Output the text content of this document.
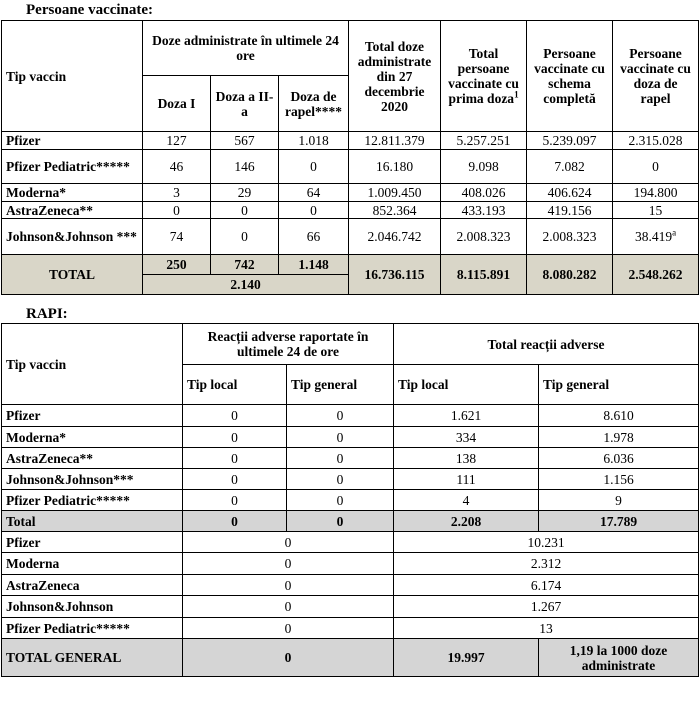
Persoane vaccinate:
Tip vaccin	Doze administrate în ultimele 24 ore			Total doze administrate din 27 decembrie 2020	Total persoane vaccinate cu prima doza$^1$	Persoane vaccinate cu schema completă	Persoane vaccinate cu doza de rapel
	Doza I	Doza a II-a	Doza de rapel****				
Pfizer	127	567	1.018	12.811.379	5.257.251	5.239.097	2.315.028
Pfizer Pediatric*****	46	146	0	16.180	9.098	7.082	0
Moderna*	3	29	64	1.009.450	408.026	406.624	194.800
AstraZeneca**	0	0	0	852.364	433.193	419.156	15
Johnson&Johnson ***	74	0	66	2.046.742	2.008.323	2.008.323	38.419$^a$
TOTAL	250	742	1.148	16.736.115	8.115.891	8.080.282	2.548.262
	2.140						
RAPI:
Tip vaccin	Reacții adverse raportate în ultimele 24 de ore		Total reacții adverse	
	Tip local	Tip general	Tip local	Tip general
Pfizer	0	0	1.621	8.610
Moderna*	0	0	334	1.978
AstraZeneca**	0	0	138	6.036
Johnson&Johnson***	0	0	111	1.156
Pfizer Pediatric*****	0	0	4	9
Total	0	0	2.208	17.789
Pfizer	0		10.231	
Moderna	0		2.312	
AstraZeneca	0		6.174	
Johnson&Johnson	0		1.267	
Pfizer Pediatric*****	0		13	
TOTAL GENERAL	0		19.997	1,19 la 1000 doze administrate
